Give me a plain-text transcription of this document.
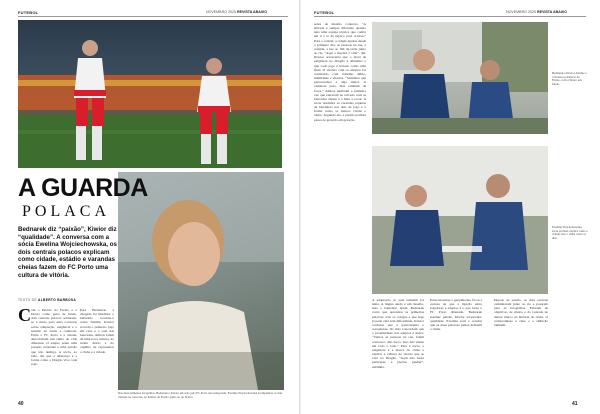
FUTEBOL	NOVEMBRO 2025 REVISTA ABAIXO
A GUARDA
POLACA
Bednarek diz “paixão”, Kiwior diz “qualidade”. A conversa com a sócia Ewelina Wojciechowska, os dois centrais polacos explicam como cidade, estádio e varandas cheias fazem do FC Porto uma cultura de vitória.
TEXTO DE ALBERTO BARBOSA
C om o Palácio do Freixo e o Douro como pano de fundo, dois centrais polacos sentaram-se à mesa para uma conversa sobre adaptação, exigência e o sentido de vestir a camisola. Entre o FC Porto e a cidade, descobriram um ritmo de vida diferente. O adepto sente uma pressão constante e uma paixão que não desliga. A sócia, ao lado, diz que a diferença é a forma como o Dragão vive cada jogo.
Para Bednarek, a chegada foi imediata: o balneário recebeu-o como família. Kiwior recorda o primeiro jogo em casa e o som das bancadas. Ambos falam de uma nova cultura, do treino diário e do orgulho de representar o clube e a cidade.
Nas duas primeiras fotografias, Bednarek e Kiwior em ação pelo FC Porto esta temporada. Ewelina Wojciechowska acompanhou os dois centrais na conversa, no Palácio do Freixo, junto ao rio Douro.
40
FUTEBOL	NOVEMBRO 2025 REVISTA ABAIXO
senta de mesmo contexto. “A entrada é sempre diferente quando tens uma equipa técnica que confia em ti e te dá espaço para crescer.” Para o central, a cidade ajudou desde o primeiro dia: as pessoas na rua, a comida, a luz ao fim da tarde junto ao rio. “Aqui o futebol é vida”, diz. Kiwior acrescenta que o nível de exigência no Dragão é altíssimo e que cada jogo é tratado como uma final. O vínculo com os adeptos foi construído com trabalho diário, humildade e vitórias. “Sentimos que pertencemos a algo maior. A camisola pesa, mas também dá força.” Ambos lembram a primeira vez que entraram no relvado com as bancadas cheias e o hino a ecoar. A sócia relembra as varandas repletas de bandeiras nos dias de jogo e a forma como os bairros vivem o clube. Segundo ela, a paixão portista passa de geração em geração.
Bednarek e Kiwior durante a conversa no Palácio do Freixo, com o Douro em fundo.
Ewelina Wojciechowska, sócia portista, explica como a cidade vive o clube todos os dias.
A adaptação ao país também foi tema. A língua ainda é um desafio, mas o balneário ajuda. Bednarek conta que aprendeu as primeiras palavras com os colegas e que hoje já pede café sem dificuldade. Kiwior confessa que a gastronomia o conquistou. Os dois concordam que a proximidade dos adeptos é única: “Vemos as pessoas na rua, falam connosco, dão força. Isso não existe em todo o lado.” Para a sócia, a exigência é a marca do clube e explica a cultura de vitória que se vive no Dragão. “Aqui não basta participar, é preciso ganhar”, sublinha.
Entre histórias e gargalhadas, ficou a certeza de que a ligação entre jogadores e adeptos é o que torna o FC Porto diferente. Bednarek resume: paixão. Kiwior acrescenta: qualidade. Ewelina sorri e conclui que as duas palavras juntas definem o clube.
Depois da sessão, os dois centrais caminharam junto ao rio e posaram para as fotografias. Falaram de objetivos, de títulos e da vontade de deixar marca na história do clube. O compromisso é claro e a ambição também.
41
